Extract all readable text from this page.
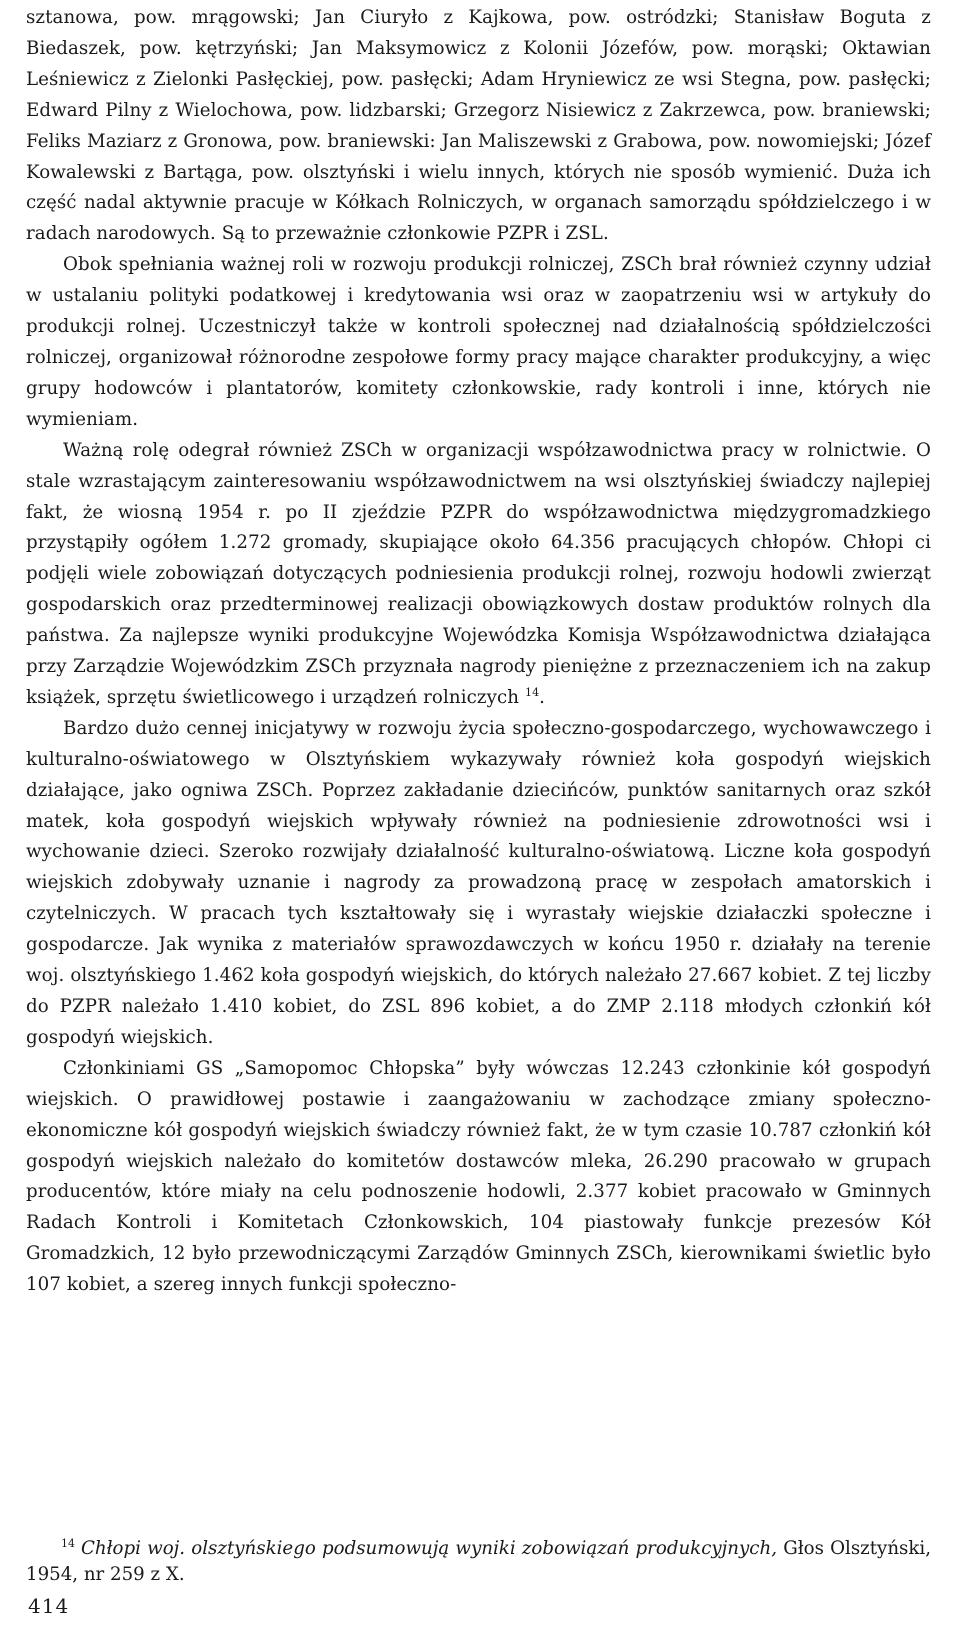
sztanowa, pow. mrągowski; Jan Ciuryło z Kajkowa, pow. ostródzki; Stanisław Boguta z Biedaszek, pow. kętrzyński; Jan Maksymowicz z Kolonii Józefów, pow. morąski; Oktawian Leśniewicz z Zielonki Pasłęckiej, pow. pasłęcki; Adam Hryniewicz ze wsi Stegna, pow. pasłęcki; Edward Pilny z Wielochowa, pow. lidzbarski; Grzegorz Nisiewicz z Zakrzewca, pow. braniewski; Feliks Maziarz z Gronowa, pow. braniewski: Jan Maliszewski z Grabowa, pow. nowomiejski; Józef Kowalewski z Bartąga, pow. olsztyński i wielu innych, których nie sposób wymienić. Duża ich część nadal aktywnie pracuje w Kółkach Rolniczych, w organach samorządu spółdzielczego i w radach narodowych. Są to przeważnie członkowie PZPR i ZSL.

Obok spełniania ważnej roli w rozwoju produkcji rolniczej, ZSCh brał również czynny udział w ustalaniu polityki podatkowej i kredytowania wsi oraz w zaopatrzeniu wsi w artykuły do produkcji rolnej. Uczestniczył także w kontroli społecznej nad działalnością spółdzielczości rolniczej, organizował różnorodne zespołowe formy pracy mające charakter produkcyjny, a więc grupy hodowców i plantatorów, komitety członkowskie, rady kontroli i inne, których nie wymieniam.

Ważną rolę odegrał również ZSCh w organizacji współzawodnictwa pracy w rolnictwie. O stale wzrastającym zainteresowaniu współzawodnictwem na wsi olsztyńskiej świadczy najlepiej fakt, że wiosną 1954 r. po II zjeździe PZPR do współzawodnictwa międzygromadzkiego przystąpiły ogółem 1.272 gromady, skupiające około 64.356 pracujących chłopów. Chłopi ci podjęli wiele zobowiązań dotyczących podniesienia produkcji rolnej, rozwoju hodowli zwierząt gospodarskich oraz przedterminowej realizacji obowiązkowych dostaw produktów rolnych dla państwa. Za najlepsze wyniki produkcyjne Wojewódzka Komisja Współzawodnictwa działająca przy Zarządzie Wojewódzkim ZSCh przyznała nagrody pieniężne z przeznaczeniem ich na zakup książek, sprzętu świetlicowego i urządzeń rolniczych $^{14}$.

Bardzo dużo cennej inicjatywy w rozwoju życia społeczno-gospodarczego, wychowawczego i kulturalno-oświatowego w Olsztyńskiem wykazywały również koła gospodyń wiejskich działające, jako ogniwa ZSCh. Poprzez zakładanie dziecińców, punktów sanitarnych oraz szkół matek, koła gospodyń wiejskich wpływały również na podniesienie zdrowotności wsi i wychowanie dzieci. Szeroko rozwijały działalność kulturalno-oświatową. Liczne koła gospodyń wiejskich zdobywały uznanie i nagrody za prowadzoną pracę w zespołach amatorskich i czytelniczych. W pracach tych kształtowały się i wyrastały wiejskie działaczki społeczne i gospodarcze. Jak wynika z materiałów sprawozdawczych w końcu 1950 r. działały na terenie woj. olsztyńskiego 1.462 koła gospodyń wiejskich, do których należało 27.667 kobiet. Z tej liczby do PZPR należało 1.410 kobiet, do ZSL 896 kobiet, a do ZMP 2.118 młodych członkiń kół gospodyń wiejskich.

Członkiniami GS „Samopomoc Chłopska” były wówczas 12.243 członkinie kół gospodyń wiejskich. O prawidłowej postawie i zaangażowaniu w zachodzące zmiany społeczno-ekonomiczne kół gospodyń wiejskich świadczy również fakt, że w tym czasie 10.787 członkiń kół gospodyń wiejskich należało do komitetów dostawców mleka, 26.290 pracowało w grupach producentów, które miały na celu podnoszenie hodowli, 2.377 kobiet pracowało w Gminnych Radach Kontroli i Komitetach Członkowskich, 104 piastowały funkcje prezesów Kół Gromadzkich, 12 było przewodniczącymi Zarządów Gminnych ZSCh, kierownikami świetlic było 107 kobiet, a szereg innych funkcji społeczno-

$^{14}$ Chłopi woj. olsztyńskiego podsumowują wyniki zobowiązań produkcyjnych, Głos Olsztyński, 1954, nr 259 z X.
414
